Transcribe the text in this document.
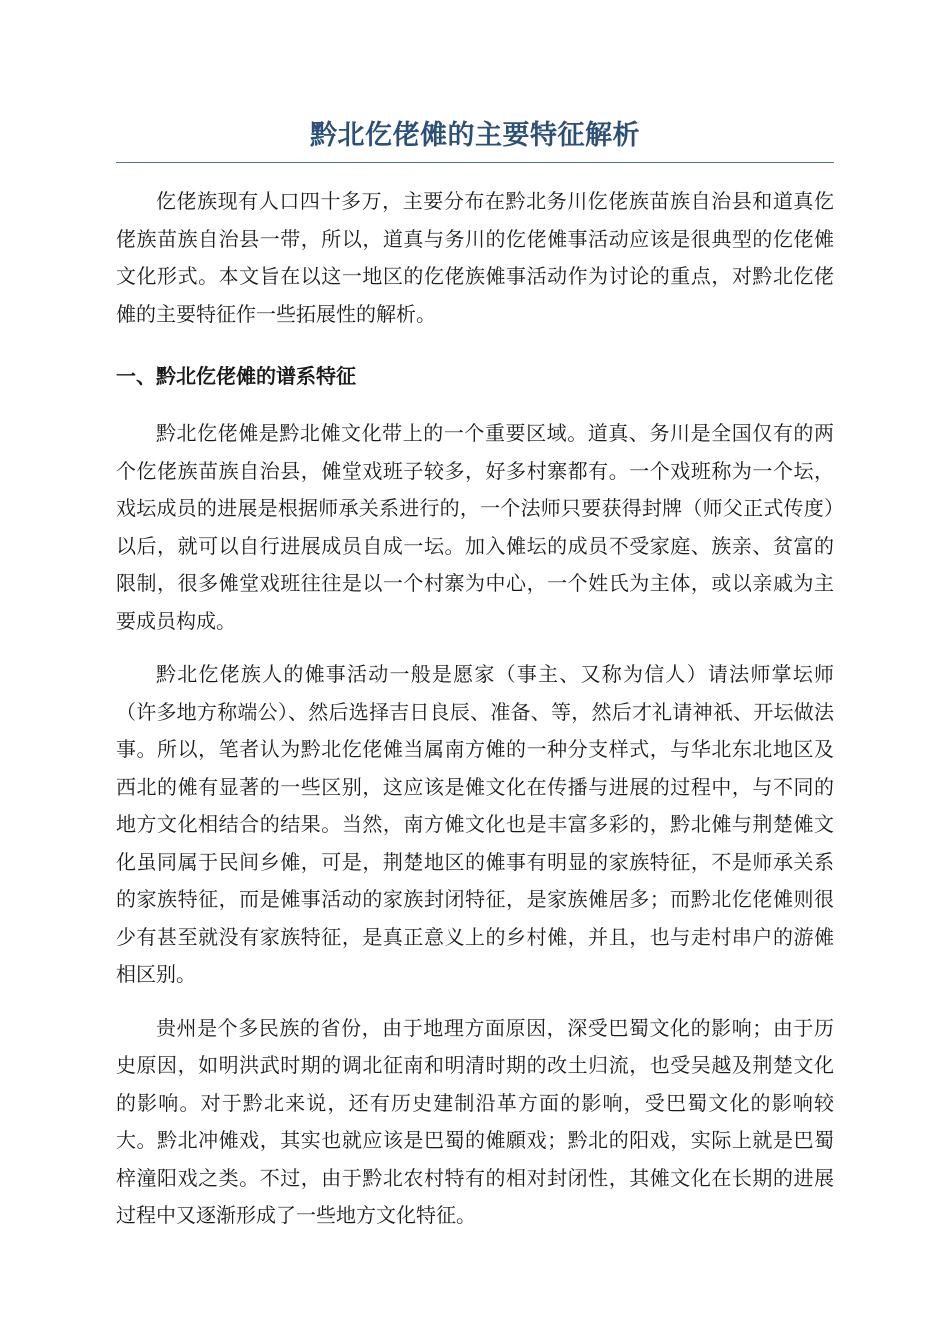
黔北仡佬傩的主要特征解析

仡佬族现有人口四十多万，主要分布在黔北务川仡佬族苗族自治县和道真仡佬族苗族自治县一带，所以，道真与务川的仡佬傩事活动应该是很典型的仡佬傩文化形式。本文旨在以这一地区的仡佬族傩事活动作为讨论的重点，对黔北仡佬傩的主要特征作一些拓展性的解析。

一、黔北仡佬傩的谱系特征

黔北仡佬傩是黔北傩文化带上的一个重要区域。道真、务川是全国仅有的两个仡佬族苗族自治县，傩堂戏班子较多，好多村寨都有。一个戏班称为一个坛，戏坛成员的进展是根据师承关系进行的，一个法师只要获得封牌（师父正式传度）以后，就可以自行进展成员自成一坛。加入傩坛的成员不受家庭、族亲、贫富的限制，很多傩堂戏班往往是以一个村寨为中心，一个姓氏为主体，或以亲戚为主要成员构成。

黔北仡佬族人的傩事活动一般是愿家（事主、又称为信人）请法师掌坛师（许多地方称端公）、然后选择吉日良辰、准备、等，然后才礼请神祇、开坛做法事。所以，笔者认为黔北仡佬傩当属南方傩的一种分支样式，与华北东北地区及西北的傩有显著的一些区别，这应该是傩文化在传播与进展的过程中，与不同的地方文化相结合的结果。当然，南方傩文化也是丰富多彩的，黔北傩与荆楚傩文化虽同属于民间乡傩，可是，荆楚地区的傩事有明显的家族特征，不是师承关系的家族特征，而是傩事活动的家族封闭特征，是家族傩居多；而黔北仡佬傩则很少有甚至就没有家族特征，是真正意义上的乡村傩，并且，也与走村串户的游傩相区别。

贵州是个多民族的省份，由于地理方面原因，深受巴蜀文化的影响；由于历史原因，如明洪武时期的调北征南和明清时期的改土归流，也受吴越及荆楚文化的影响。对于黔北来说，还有历史建制沿革方面的影响，受巴蜀文化的影响较大。黔北冲傩戏，其实也就应该是巴蜀的傩願戏；黔北的阳戏，实际上就是巴蜀梓潼阳戏之类。不过，由于黔北农村特有的相对封闭性，其傩文化在长期的进展过程中又逐渐形成了一些地方文化特征。
